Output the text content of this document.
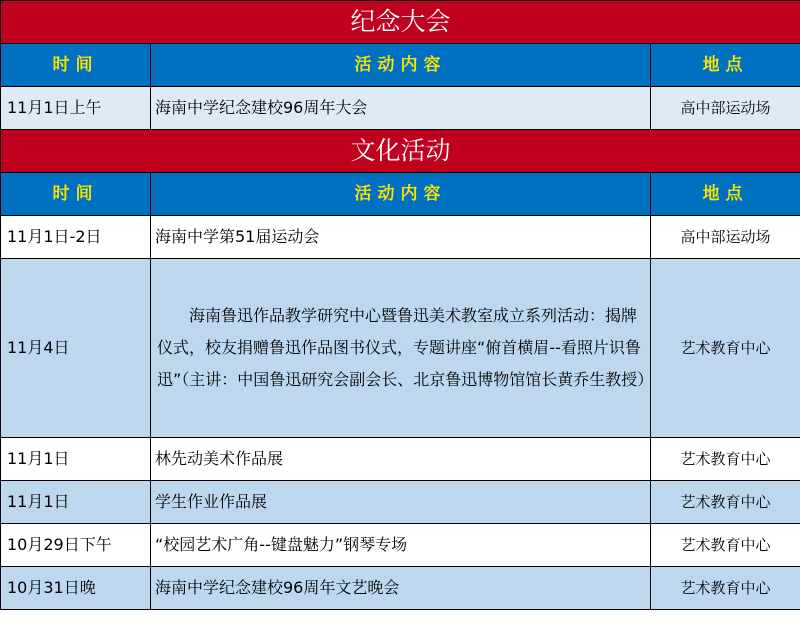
纪念大会		
时间	活动内容	地点
11月1日上午	海南中学纪念建校96周年大会	高中部运动场
文化活动		
时间	活动内容	地点
11月1日-2日	海南中学第51届运动会	高中部运动场
11月4日	海南鲁迅作品教学研究中心暨鲁迅美术教室成立系列活动：揭牌仪式，校友捐赠鲁迅作品图书仪式，专题讲座“俯首横眉--看照片识鲁迅”（主讲：中国鲁迅研究会副会长、北京鲁迅博物馆馆长黄乔生教授）	艺术教育中心
11月1日	林先动美术作品展	艺术教育中心
11月1日	学生作业作品展	艺术教育中心
10月29日下午	“校园艺术广角--键盘魅力”钢琴专场	艺术教育中心
10月31日晚	海南中学纪念建校96周年文艺晚会	艺术教育中心
